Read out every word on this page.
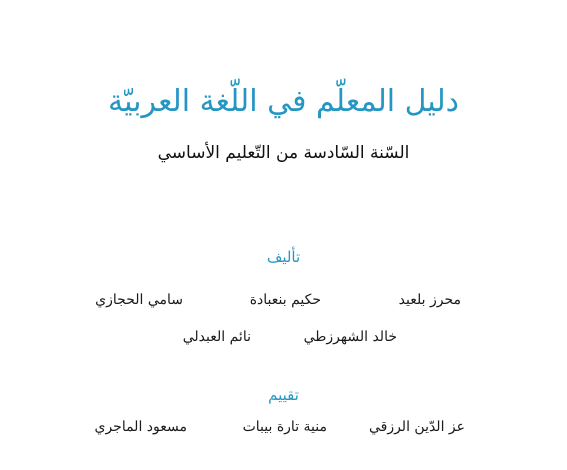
دليل المعلّم في اللّغة العربيّة
السّنة السّادسة من التّعليم الأساسي
تأليف
محرز بلعيد
حكيم بنعبادة
سامي الحجازي
خالد الشهرزطي
نائم العبدلي
تقييم
عز الدّين الرزقي
منية تارة بيبات
مسعود الماجري
